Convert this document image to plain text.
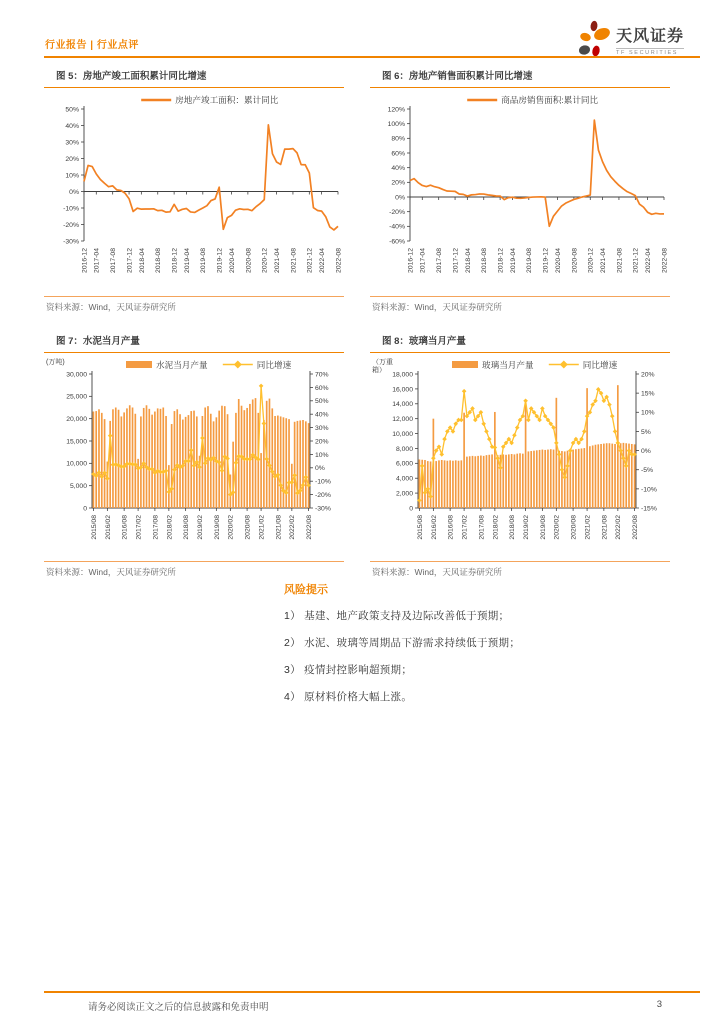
行业报告 | 行业点评
天风证券
TF SECURITIES
图 5：房地产竣工面积累计同比增速
房地产竣工面积：累计同比
50%
40%
30%
20%
10%
0%
-10%
-20%
-30%
2016-12 2017-04 2017-08 2017-12 2018-04 2018-08 2018-12 2019-04 2019-08 2019-12 2020-04 2020-08 2020-12 2021-04 2021-08 2021-12 2022-04 2022-08
资料来源：Wind，天风证券研究所
图 6：房地产销售面积累计同比增速
商品房销售面积:累计同比
120%
100%
80%
60%
40%
20%
0%
-20%
-40%
-60%
2016-12 2017-04 2017-08 2017-12 2018-04 2018-08 2018-12 2019-04 2019-08 2019-12 2020-04 2020-08 2020-12 2021-04 2021-08 2021-12 2022-04 2022-08
资料来源：Wind，天风证券研究所
图 7：水泥当月产量
(万吨)	水泥当月产量	同比增速
30,000
25,000
20,000
15,000
10,000
5,000
0
70%
60%
50%
40%
30%
20%
10%
0%
-10%
-20%
-30%
2015/08 2016/02 2016/08 2017/02 2017/08 2018/02 2018/08 2019/02 2019/08 2020/02 2020/08 2021/02 2021/08 2022/02 2022/08
资料来源：Wind，天风证券研究所
图 8：玻璃当月产量
（万重
箱）
玻璃当月产量	同比增速
18,000
16,000
14,000
12,000
10,000
8,000
6,000
4,000
2,000
0
20%
15%
10%
5%
0%
-5%
-10%
-15%
2015/08 2016/02 2016/08 2017/02 2017/08 2018/02 2018/08 2019/02 2019/08 2020/02 2020/08 2021/02 2021/08 2022/02 2022/08
资料来源：Wind，天风证券研究所
风险提示
1） 基建、地产政策支持及边际改善低于预期；
2） 水泥、玻璃等周期品下游需求持续低于预期；
3） 疫情封控影响超预期；
4） 原材料价格大幅上涨。
请务必阅读正文之后的信息披露和免责申明	3
